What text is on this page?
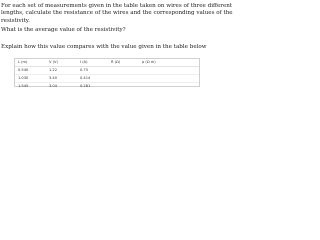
For each set of measurements given in the table taken on wires of three different
lengths, calculate the resistance of the wires and the corresponding values of the
resistivity.

What is the average value of the resistivity?

Explain how this value compares with the value given in the table below

L (m)	V (V)	I (A)	R (Ω)	ρ (Ω m)
0.540	1.22	0.75		
1.030	3.40	0.414		
1.545	3.04	0.281		
